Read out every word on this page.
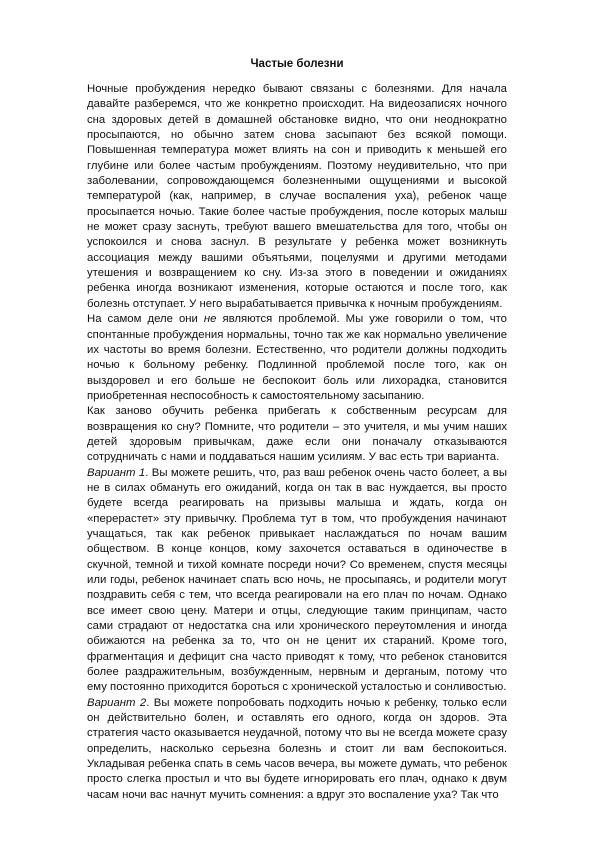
Частые болезни

Ночные пробуждения нередко бывают связаны с болезнями. Для начала давайте разберемся, что же конкретно происходит. На видеозаписях ночного сна здоровых детей в домашней обстановке видно, что они неоднократно просыпаются, но обычно затем снова засыпают без всякой помощи. Повышенная температура может влиять на сон и приводить к меньшей его глубине или более частым пробуждениям. Поэтому неудивительно, что при заболевании, сопровождающемся болезненными ощущениями и высокой температурой (как, например, в случае воспаления уха), ребенок чаще просыпается ночью. Такие более частые пробуждения, после которых малыш не может сразу заснуть, требуют вашего вмешательства для того, чтобы он успокоился и снова заснул. В результате у ребенка может возникнуть ассоциация между вашими объятьями, поцелуями и другими методами утешения и возвращением ко сну. Из-за этого в поведении и ожиданиях ребенка иногда возникают изменения, которые остаются и после того, как болезнь отступает. У него вырабатывается привычка к ночным пробуждениям.

На самом деле они не являются проблемой. Мы уже говорили о том, что спонтанные пробуждения нормальны, точно так же как нормально увеличение их частоты во время болезни. Естественно, что родители должны подходить ночью к больному ребенку. Подлинной проблемой после того, как он выздоровел и его больше не беспокоит боль или лихорадка, становится приобретенная неспособность к самостоятельному засыпанию.

Как заново обучить ребенка прибегать к собственным ресурсам для возвращения ко сну? Помните, что родители – это учителя, и мы учим наших детей здоровым привычкам, даже если они поначалу отказываются сотрудничать с нами и поддаваться нашим усилиям. У вас есть три варианта.

Вариант 1. Вы можете решить, что, раз ваш ребенок очень часто болеет, а вы не в силах обмануть его ожиданий, когда он так в вас нуждается, вы просто будете всегда реагировать на призывы малыша и ждать, когда он «перерастет» эту привычку. Проблема тут в том, что пробуждения начинают учащаться, так как ребенок привыкает наслаждаться по ночам вашим обществом. В конце концов, кому захочется оставаться в одиночестве в скучной, темной и тихой комнате посреди ночи? Со временем, спустя месяцы или годы, ребенок начинает спать всю ночь, не просыпаясь, и родители могут поздравить себя с тем, что всегда реагировали на его плач по ночам. Однако все имеет свою цену. Матери и отцы, следующие таким принципам, часто сами страдают от недостатка сна или хронического переутомления и иногда обижаются на ребенка за то, что он не ценит их стараний. Кроме того, фрагментация и дефицит сна часто приводят к тому, что ребенок становится более раздражительным, возбужденным, нервным и дерганым, потому что ему постоянно приходится бороться с хронической усталостью и сонливостью.

Вариант 2. Вы можете попробовать подходить ночью к ребенку, только если он действительно болен, и оставлять его одного, когда он здоров. Эта стратегия часто оказывается неудачной, потому что вы не всегда можете сразу определить, насколько серьезна болезнь и стоит ли вам беспокоиться. Укладывая ребенка спать в семь часов вечера, вы можете думать, что ребенок просто слегка простыл и что вы будете игнорировать его плач, однако к двум часам ночи вас начнут мучить сомнения: а вдруг это воспаление уха? Так что
